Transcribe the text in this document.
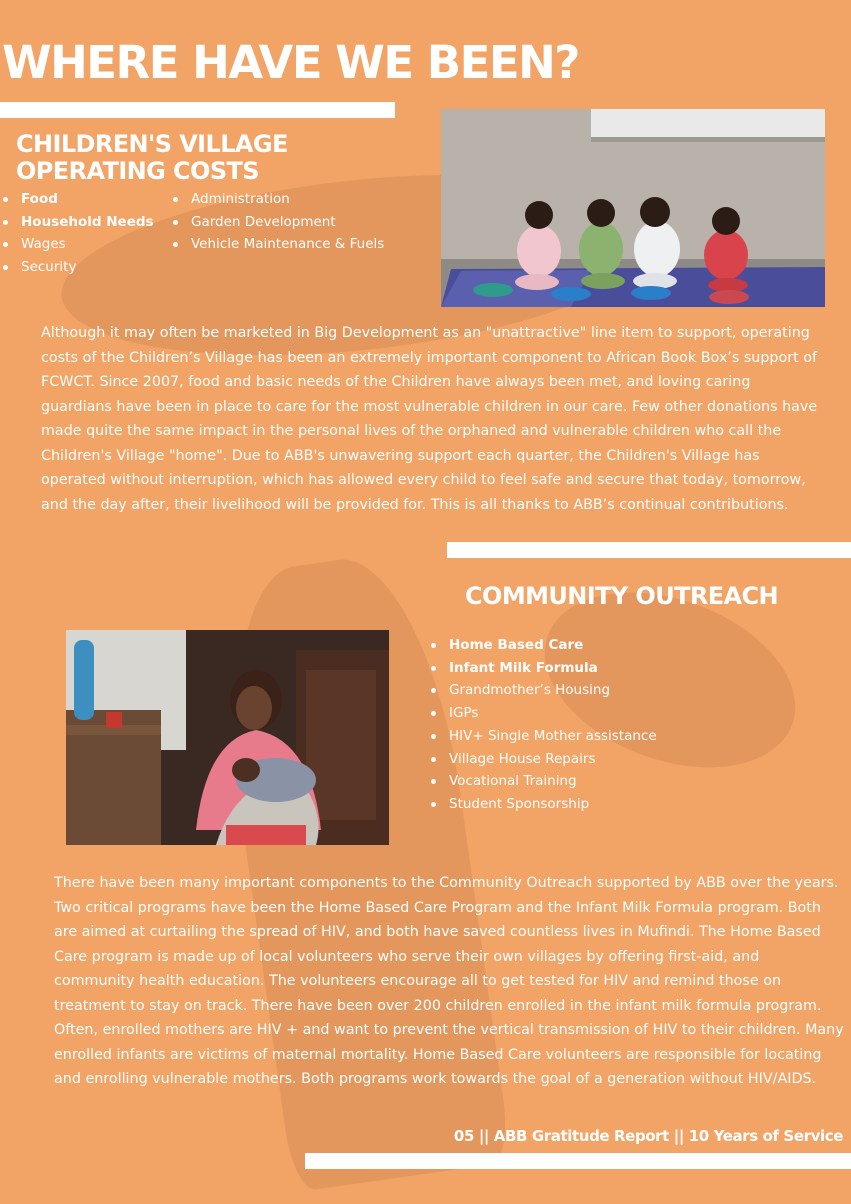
WHERE HAVE WE BEEN?
CHILDREN'S VILLAGE OPERATING COSTS
Food
Household Needs
Wages
Security
Administration
Garden Development
Vehicle Maintenance & Fuels

Although it may often be marketed in Big Development as an "unattractive" line item to support, operating costs of the Children’s Village has been an extremely important component to African Book Box’s support of FCWCT. Since 2007, food and basic needs of the Children have always been met, and loving caring guardians have been in place to care for the most vulnerable children in our care. Few other donations have made quite the same impact in the personal lives of the orphaned and vulnerable children who call the Children's Village "home". Due to ABB's unwavering support each quarter, the Children's Village has operated without interruption, which has allowed every child to feel safe and secure that today, tomorrow, and the day after, their livelihood will be provided for. This is all thanks to ABB’s continual contributions.

COMMUNITY OUTREACH
Home Based Care
Infant Milk Formula
Grandmother’s Housing
IGPs
HIV+ Single Mother assistance
Village House Repairs
Vocational Training
Student Sponsorship

There have been many important components to the Community Outreach supported by ABB over the years. Two critical programs have been the Home Based Care Program and the Infant Milk Formula program. Both are aimed at curtailing the spread of HIV, and both have saved countless lives in Mufindi. The Home Based Care program is made up of local volunteers who serve their own villages by offering first-aid, and community health education. The volunteers encourage all to get tested for HIV and remind those on treatment to stay on track. There have been over 200 children enrolled in the infant milk formula program. Often, enrolled mothers are HIV + and want to prevent the vertical transmission of HIV to their children. Many enrolled infants are victims of maternal mortality. Home Based Care volunteers are responsible for locating and enrolling vulnerable mothers. Both programs work towards the goal of a generation without HIV/AIDS.

05 || ABB Gratitude Report || 10 Years of Service
